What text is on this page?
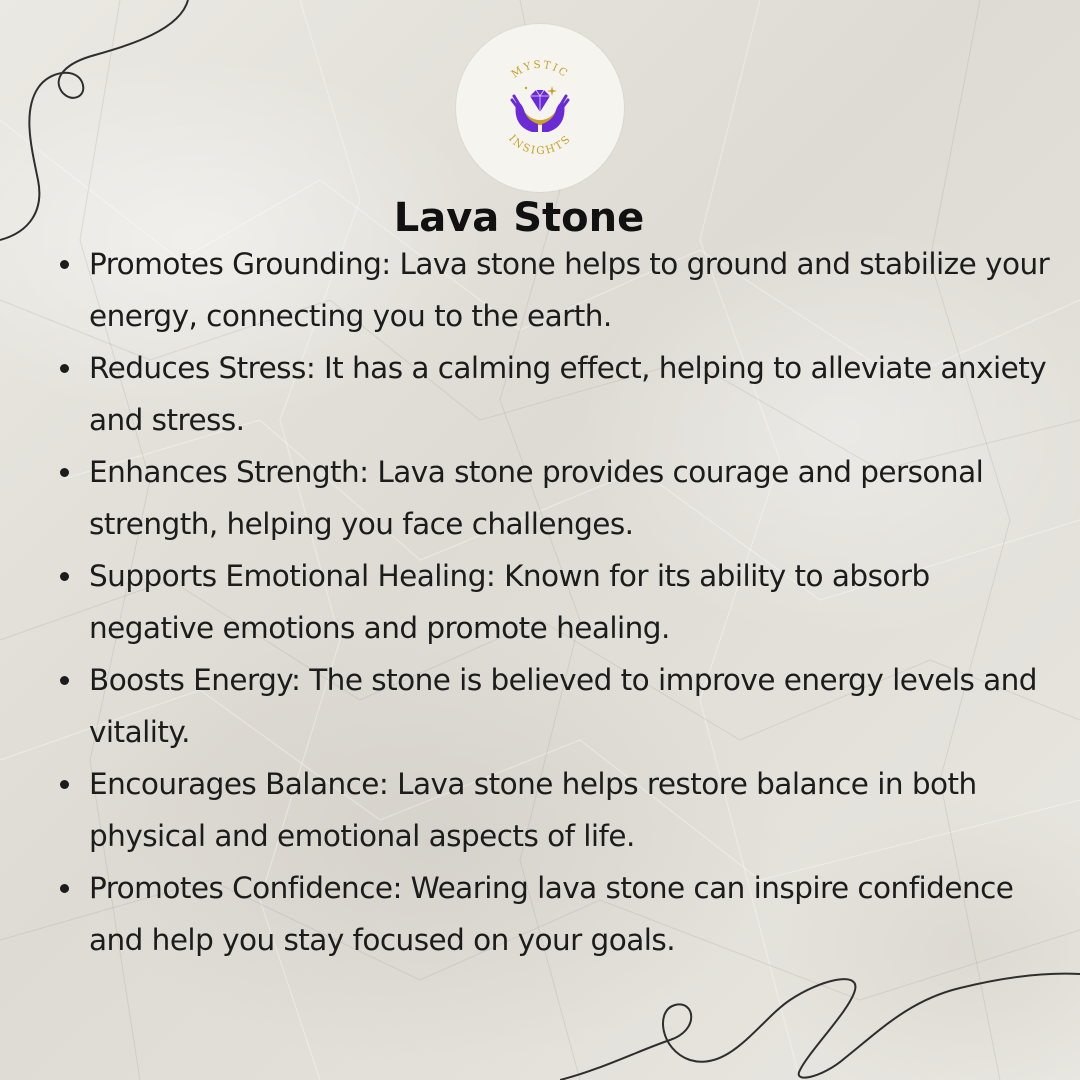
MYSTIC
INSIGHTS
Lava Stone
Promotes Grounding: Lava stone helps to ground and stabilize your energy, connecting you to the earth.
Reduces Stress: It has a calming effect, helping to alleviate anxiety and stress.
Enhances Strength: Lava stone provides courage and personal strength, helping you face challenges.
Supports Emotional Healing: Known for its ability to absorb negative emotions and promote healing.
Boosts Energy: The stone is believed to improve energy levels and vitality.
Encourages Balance: Lava stone helps restore balance in both physical and emotional aspects of life.
Promotes Confidence: Wearing lava stone can inspire confidence and help you stay focused on your goals.
